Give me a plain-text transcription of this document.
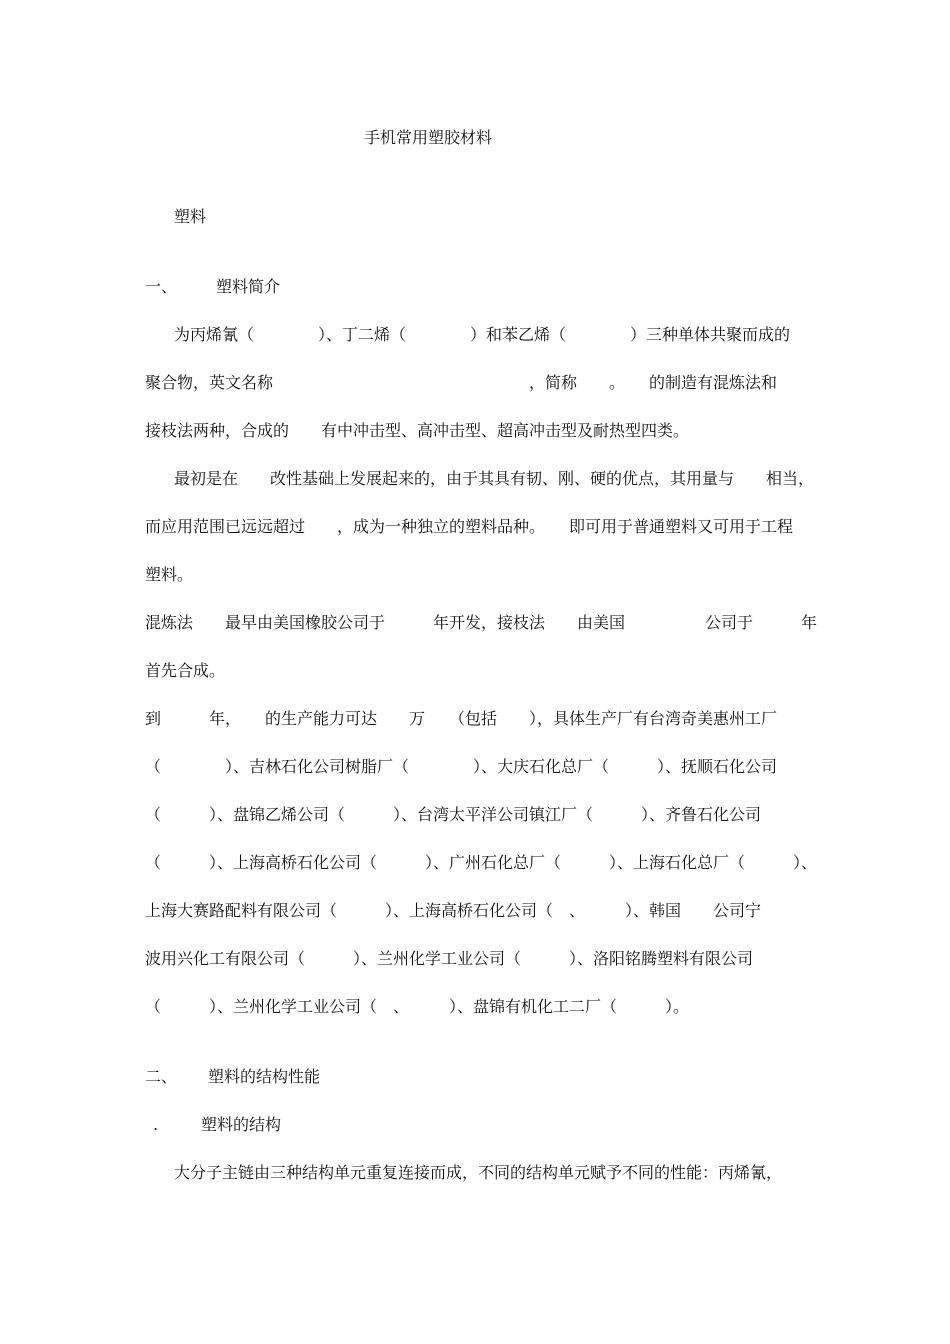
手机常用塑胶材料
塑料
一、 塑料简介
为丙烯氰（　　　　）、丁二烯（　　　　）和苯乙烯（　　　　）三种单体共聚而成的
聚合物，英文名称　　　　　　　　　　　　　　　　，简称　　。　　的制造有混炼法和
接枝法两种，合成的　　有中冲击型、高冲击型、超高冲击型及耐热型四类。
最初是在　　改性基础上发展起来的，由于其具有韧、刚、硬的优点，其用量与　　相当，
而应用范围已远远超过　　，成为一种独立的塑料品种。　　即可用于普通塑料又可用于工程
塑料。
混炼法　　最早由美国橡胶公司于　　　年开发，接枝法　　由美国　　　　　公司于　　　年
首先合成。
到　　　年，　　的生产能力可达　　万　　（包括　　），具体生产厂有台湾奇美惠州工厂
（　　　　）、吉林石化公司树脂厂（　　　　）、大庆石化总厂（　　　）、抚顺石化公司
（　　　）、盘锦乙烯公司（　　　）、台湾太平洋公司镇江厂（　　　）、齐鲁石化公司
（　　　）、上海高桥石化公司（　　　）、广州石化总厂（　　　）、上海石化总厂（　　　）、
上海大赛路配料有限公司（　　　）、上海高桥石化公司（　、　　　）、韩国　　公司宁
波用兴化工有限公司（　　　）、兰州化学工业公司（　　　）、洛阳铭腾塑料有限公司
（　　　）、兰州化学工业公司（　、　　　）、盘锦有机化工二厂（　　　）。
二、 塑料的结构性能
.	塑料的结构
大分子主链由三种结构单元重复连接而成，不同的结构单元赋予不同的性能：丙烯氰，
